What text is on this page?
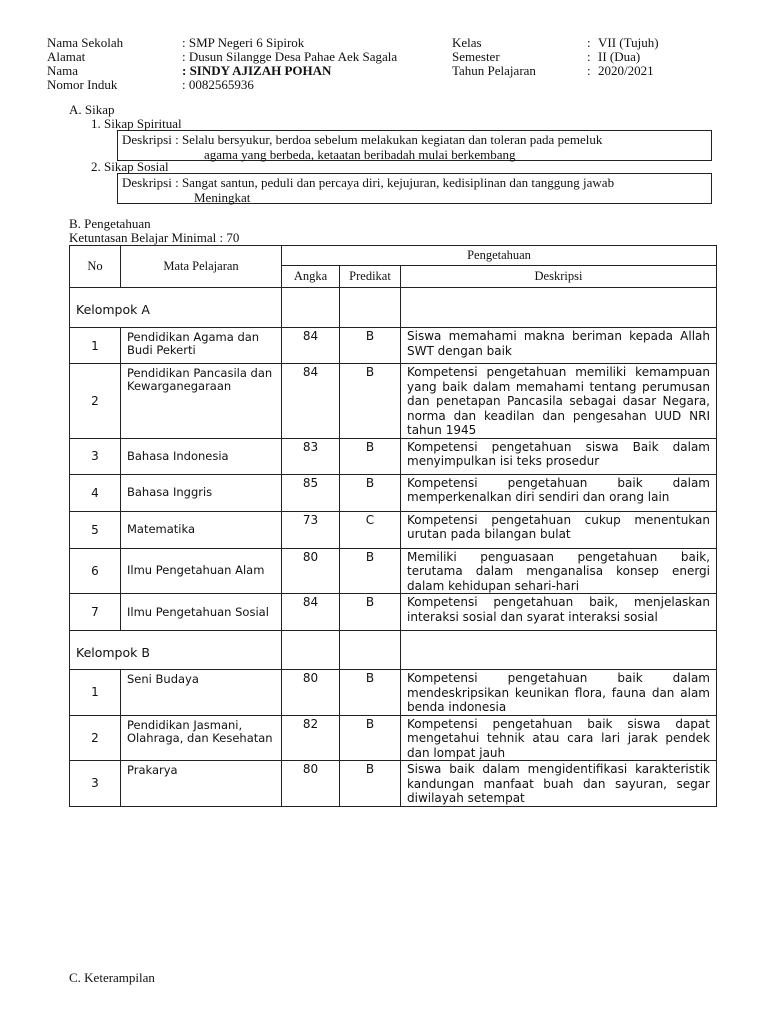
Nama Sekolah	: SMP Negeri 6 Sipirok	Kelas	: VII (Tujuh)
Alamat	: Dusun Silangge Desa Pahae Aek Sagala	Semester	: II (Dua)
Nama	: SINDY AJIZAH POHAN	Tahun Pelajaran	: 2020/2021
Nomor Induk	: 0082565936
A. Sikap
1. Sikap Spiritual
Deskripsi : Selalu bersyukur, berdoa sebelum melakukan kegiatan dan toleran pada pemeluk
agama yang berbeda, ketaatan beribadah mulai berkembang
2. Sikap Sosial
Deskripsi : Sangat santun, peduli dan percaya diri, kejujuran, kedisiplinan dan tanggung jawab
Meningkat
B. Pengetahuan
Ketuntasan Belajar Minimal : 70
No	Mata Pelajaran	Pengetahuan		
		Angka	Predikat	Deskripsi
Kelompok A				
1	Pendidikan Agama dan Budi Pekerti	84	B	Siswa memahami makna beriman kepada Allah SWT dengan baik
2	Pendidikan Pancasila dan Kewarganegaraan	84	B	Kompetensi pengetahuan memiliki kemampuan yang baik dalam memahami tentang perumusan dan penetapan Pancasila sebagai dasar Negara, norma dan keadilan dan pengesahan UUD NRI tahun 1945
3	Bahasa Indonesia	83	B	Kompetensi pengetahuan siswa Baik dalam menyimpulkan isi teks prosedur
4	Bahasa Inggris	85	B	Kompetensi pengetahuan baik dalam memperkenalkan diri sendiri dan orang lain
5	Matematika	73	C	Kompetensi pengetahuan cukup menentukan urutan pada bilangan bulat
6	Ilmu Pengetahuan Alam	80	B	Memiliki penguasaan pengetahuan baik, terutama dalam menganalisa konsep energi dalam kehidupan sehari-hari
7	Ilmu Pengetahuan Sosial	84	B	Kompetensi pengetahuan baik, menjelaskan interaksi sosial dan syarat interaksi sosial
Kelompok B				
1	Seni Budaya	80	B	Kompetensi pengetahuan baik dalam mendeskripsikan keunikan flora, fauna dan alam benda indonesia
2	Pendidikan Jasmani, Olahraga, dan Kesehatan	82	B	Kompetensi pengetahuan baik siswa dapat mengetahui tehnik atau cara lari jarak pendek dan lompat jauh
3	Prakarya	80	B	Siswa baik dalam mengidentifikasi karakteristik kandungan manfaat buah dan sayuran, segar diwilayah setempat
C. Keterampilan
